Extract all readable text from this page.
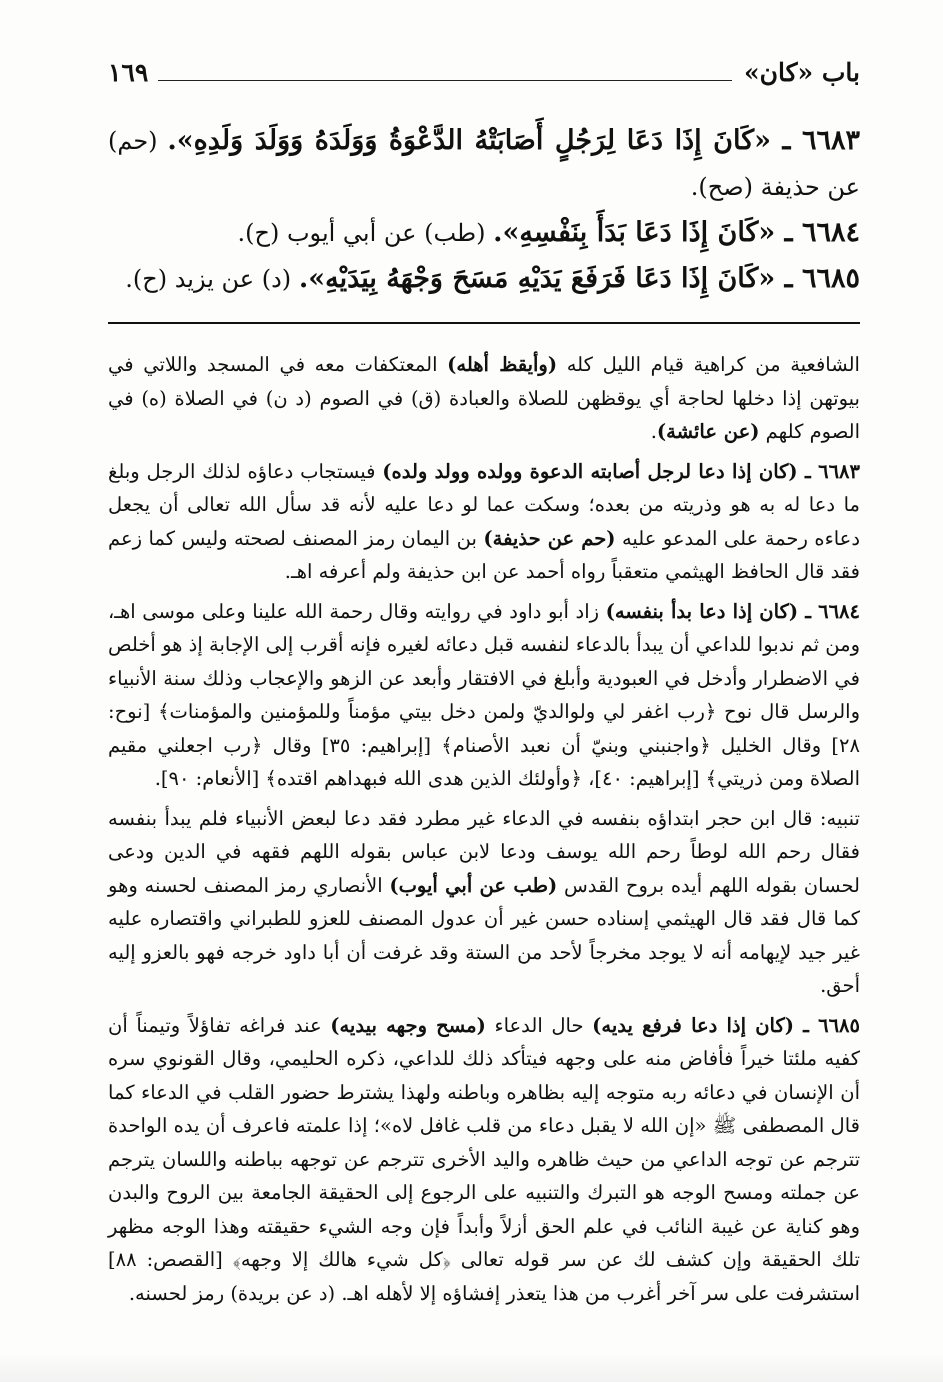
باب «كان»
١٦٩
٦٦٨٣ ـ «كَانَ إِذَا دَعَا لِرَجُلٍ أَصَابَتْهُ الدَّعْوَةُ وَوَلَدَهُ وَوَلَدَ وَلَدِهِ». (حم) عن حذيفة (صح).
٦٦٨٤ ـ «كَانَ إِذَا دَعَا بَدَأَ بِنَفْسِهِ». (طب) عن أبي أيوب (ح).
٦٦٨٥ ـ «كَانَ إِذَا دَعَا فَرَفَعَ يَدَيْهِ مَسَحَ وَجْهَهُ بِيَدَيْهِ». (د) عن يزيد (ح).

الشافعية من كراهية قيام الليل كله (وأيقظ أهله) المعتكفات معه في المسجد واللاتي في بيوتهن إذا دخلها لحاجة أي يوقظهن للصلاة والعبادة (ق) في الصوم (د ن) في الصلاة (ه) في الصوم كلهم (عن عائشة).

٦٦٨٣ ـ (كان إذا دعا لرجل أصابته الدعوة وولده وولد ولده) فيستجاب دعاؤه لذلك الرجل وبلغ ما دعا له به هو وذريته من بعده؛ وسكت عما لو دعا عليه لأنه قد سأل الله تعالى أن يجعل دعاءه رحمة على المدعو عليه (حم عن حذيفة) بن اليمان رمز المصنف لصحته وليس كما زعم فقد قال الحافظ الهيثمي متعقباً رواه أحمد عن ابن حذيفة ولم أعرفه اهـ.

٦٦٨٤ ـ (كان إذا دعا بدأ بنفسه) زاد أبو داود في روايته وقال رحمة الله علينا وعلى موسى اهـ، ومن ثم ندبوا للداعي أن يبدأ بالدعاء لنفسه قبل دعائه لغيره فإنه أقرب إلى الإجابة إذ هو أخلص في الاضطرار وأدخل في العبودية وأبلغ في الافتقار وأبعد عن الزهو والإعجاب وذلك سنة الأنبياء والرسل قال نوح ﴿رب اغفر لي ولوالديّ ولمن دخل بيتي مؤمناً وللمؤمنين والمؤمنات﴾ [نوح: ٢٨] وقال الخليل ﴿واجنبني وبنيّ أن نعبد الأصنام﴾ [إبراهيم: ٣٥] وقال ﴿رب اجعلني مقيم الصلاة ومن ذريتي﴾ [إبراهيم: ٤٠]، ﴿وأولئك الذين هدى الله فبهداهم اقتده﴾ [الأنعام: ٩٠].

تنبيه: قال ابن حجر ابتداؤه بنفسه في الدعاء غير مطرد فقد دعا لبعض الأنبياء فلم يبدأ بنفسه فقال رحم الله لوطاً رحم الله يوسف ودعا لابن عباس بقوله اللهم فقهه في الدين ودعى لحسان بقوله اللهم أيده بروح القدس (طب عن أبي أيوب) الأنصاري رمز المصنف لحسنه وهو كما قال فقد قال الهيثمي إسناده حسن غير أن عدول المصنف للعزو للطبراني واقتصاره عليه غير جيد لإيهامه أنه لا يوجد مخرجاً لأحد من الستة وقد غرفت أن أبا داود خرجه فهو بالعزو إليه أحق.

٦٦٨٥ ـ (كان إذا دعا فرفع يديه) حال الدعاء (مسح وجهه بيديه) عند فراغه تفاؤلاً وتيمناً أن كفيه ملئتا خيراً فأفاض منه على وجهه فيتأكد ذلك للداعي، ذكره الحليمي، وقال القونوي سره أن الإنسان في دعائه ربه متوجه إليه بظاهره وباطنه ولهذا يشترط حضور القلب في الدعاء كما قال المصطفى ﷺ «إن الله لا يقبل دعاء من قلب غافل لاه»؛ إذا علمته فاعرف أن يده الواحدة تترجم عن توجه الداعي من حيث ظاهره واليد الأخرى تترجم عن توجهه بباطنه واللسان يترجم عن جملته ومسح الوجه هو التبرك والتنبيه على الرجوع إلى الحقيقة الجامعة بين الروح والبدن وهو كناية عن غيبة النائب في علم الحق أزلاً وأبداً فإن وجه الشيء حقيقته وهذا الوجه مظهر تلك الحقيقة وإن كشف لك عن سر قوله تعالى ﴿كل شيء هالك إلا وجهه﴾ [القصص: ٨٨] استشرفت على سر آخر أغرب من هذا يتعذر إفشاؤه إلا لأهله اهـ. (د عن بريدة) رمز لحسنه.
